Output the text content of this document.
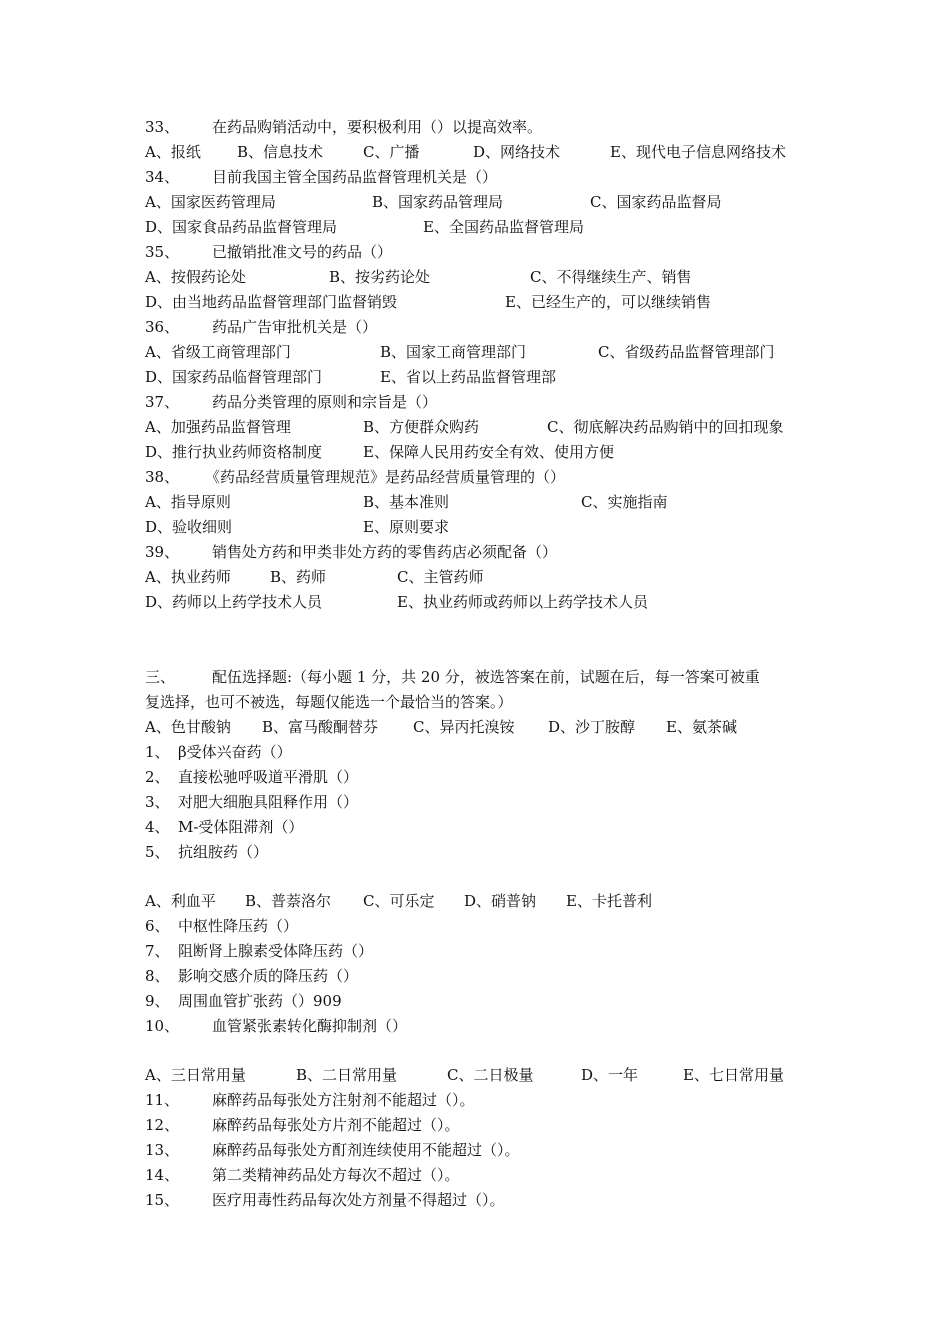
33、 在药品购销活动中，要积极利用（）以提高效率。
A、报纸 B、信息技术	C、广播	D、网络技术	E、现代电子信息网络技术
34、 目前我国主管全国药品监督管理机关是（）
A、国家医药管理局	B、国家药品管理局	C、国家药品监督局
D、国家食品药品监督管理局	E、全国药品监督管理局
35、 已撤销批准文号的药品（）
A、按假药论处	B、按劣药论处	C、不得继续生产、销售
D、由当地药品监督管理部门监督销毁	E、已经生产的，可以继续销售
36、 药品广告审批机关是（）
A、省级工商管理部门	B、国家工商管理部门	C、省级药品监督管理部门
D、国家药品临督管理部门	E、省以上药品监督管理部
37、 药品分类管理的原则和宗旨是（）
A、加强药品监督管理	B、方便群众购药	C、彻底解决药品购销中的回扣现象
D、推行执业药师资格制度	E、保障人民用药安全有效、使用方便
38、 《药品经营质量管理规范》是药品经营质量管理的（）
A、指导原则	B、基本准则	C、实施指南
D、验收细则	E、原则要求
39、 销售处方药和甲类非处方药的零售药店必须配备（）
A、执业药师	B、药师	C、主管药师
D、药师以上药学技术人员	E、执业药师或药师以上药学技术人员
三、 配伍选择题:（每小题 1 分，共 20 分，被选答案在前，试题在后，每一答案可被重
复选择，也可不被选，每题仅能选一个最恰当的答案。）
A、色甘酸钠 B、富马酸酮替芬 C、异丙托溴铵 D、沙丁胺醇 E、氨茶碱
1、 β受体兴奋药（）
2、 直接松驰呼吸道平滑肌（）
3、 对肥大细胞具阻释作用（）
4、 M-受体阻滞剂（）
5、 抗组胺药（）
A、利血平 B、普萘洛尔 C、可乐定 D、硝普钠 E、卡托普利
6、 中枢性降压药（）
7、 阻断肾上腺素受体降压药（）
8、 影响交感介质的降压药（）
9、 周围血管扩张药（）909
10、 血管紧张素转化酶抑制剂（）
A、三日常用量	B、二日常用量	C、二日极量	D、一年	E、七日常用量
11、 麻醉药品每张处方注射剂不能超过（）。
12、 麻醉药品每张处方片剂不能超过（）。
13、 麻醉药品每张处方酊剂连续使用不能超过（）。
14、 第二类精神药品处方每次不超过（）。
15、 医疗用毒性药品每次处方剂量不得超过（）。
